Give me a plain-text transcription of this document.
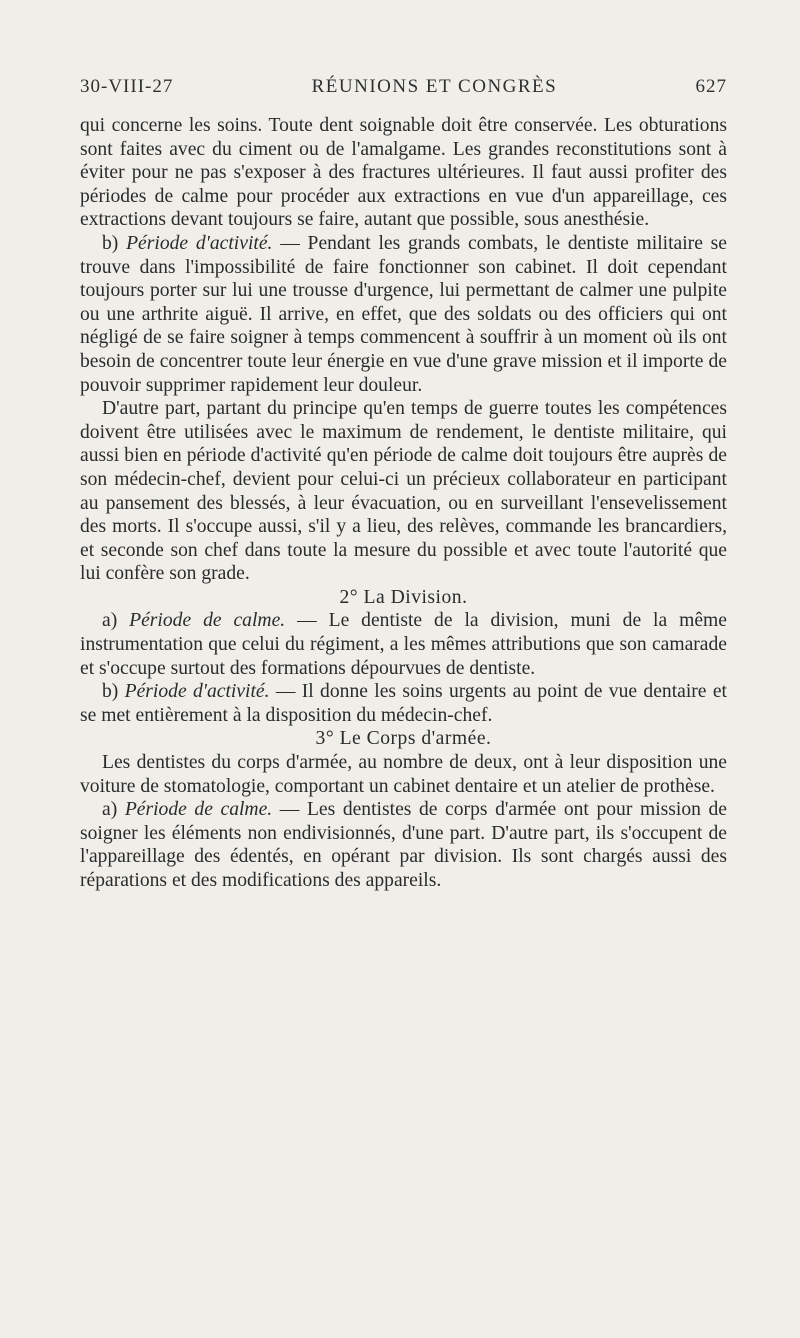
30-VIII-27	RÉUNIONS ET CONGRÈS	627

qui concerne les soins. Toute dent soignable doit être conservée. Les obturations sont faites avec du ciment ou de l'amalgame. Les grandes reconstitutions sont à éviter pour ne pas s'exposer à des fractures ultérieures. Il faut aussi profiter des périodes de calme pour procéder aux extractions en vue d'un appareillage, ces extractions devant toujours se faire, autant que possible, sous anesthésie.

b) Période d'activité. — Pendant les grands combats, le dentiste militaire se trouve dans l'impossibilité de faire fonctionner son cabinet. Il doit cependant toujours porter sur lui une trousse d'urgence, lui permettant de calmer une pulpite ou une arthrite aiguë. Il arrive, en effet, que des soldats ou des officiers qui ont négligé de se faire soigner à temps commencent à souffrir à un moment où ils ont besoin de concentrer toute leur énergie en vue d'une grave mission et il importe de pouvoir supprimer rapidement leur douleur.

D'autre part, partant du principe qu'en temps de guerre toutes les compétences doivent être utilisées avec le maximum de rendement, le dentiste militaire, qui aussi bien en période d'activité qu'en période de calme doit toujours être auprès de son médecin-chef, devient pour celui-ci un précieux collaborateur en participant au pansement des blessés, à leur évacuation, ou en surveillant l'ensevelissement des morts. Il s'occupe aussi, s'il y a lieu, des relèves, commande les brancardiers, et seconde son chef dans toute la mesure du possible et avec toute l'autorité que lui confère son grade.

2° La Division.

a) Période de calme. — Le dentiste de la division, muni de la même instrumentation que celui du régiment, a les mêmes attributions que son camarade et s'occupe surtout des formations dépourvues de dentiste.

b) Période d'activité. — Il donne les soins urgents au point de vue dentaire et se met entièrement à la disposition du médecin-chef.

3° Le Corps d'armée.

Les dentistes du corps d'armée, au nombre de deux, ont à leur disposition une voiture de stomatologie, comportant un cabinet dentaire et un atelier de prothèse.

a) Période de calme. — Les dentistes de corps d'armée ont pour mission de soigner les éléments non endivisionnés, d'une part. D'autre part, ils s'occupent de l'appareillage des édentés, en opérant par division. Ils sont chargés aussi des réparations et des modifications des appareils.
